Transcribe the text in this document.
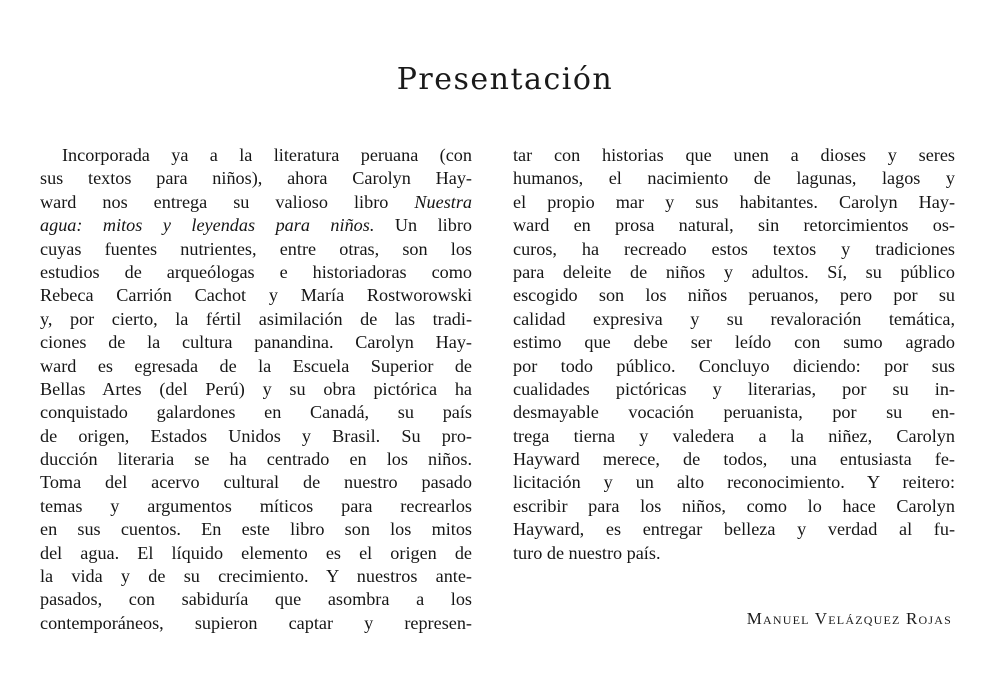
Presentación
Incorporada ya a la literatura peruana (con
sus textos para niños), ahora Carolyn Hay-
ward nos entrega su valioso libro Nuestra
agua: mitos y leyendas para niños. Un libro
cuyas fuentes nutrientes, entre otras, son los
estudios de arqueólogas e historiadoras como
Rebeca Carrión Cachot y María Rostworowski
y, por cierto, la fértil asimilación de las tradi-
ciones de la cultura panandina. Carolyn Hay-
ward es egresada de la Escuela Superior de
Bellas Artes (del Perú) y su obra pictórica ha
conquistado galardones en Canadá, su país
de origen, Estados Unidos y Brasil. Su pro-
ducción literaria se ha centrado en los niños.
Toma del acervo cultural de nuestro pasado
temas y argumentos míticos para recrearlos
en sus cuentos. En este libro son los mitos
del agua. El líquido elemento es el origen de
la vida y de su crecimiento. Y nuestros ante-
pasados, con sabiduría que asombra a los
contemporáneos, supieron captar y represen-
tar con historias que unen a dioses y seres
humanos, el nacimiento de lagunas, lagos y
el propio mar y sus habitantes. Carolyn Hay-
ward en prosa natural, sin retorcimientos os-
curos, ha recreado estos textos y tradiciones
para deleite de niños y adultos. Sí, su público
escogido son los niños peruanos, pero por su
calidad expresiva y su revaloración temática,
estimo que debe ser leído con sumo agrado
por todo público. Concluyo diciendo: por sus
cualidades pictóricas y literarias, por su in-
desmayable vocación peruanista, por su en-
trega tierna y valedera a la niñez, Carolyn
Hayward merece, de todos, una entusiasta fe-
licitación y un alto reconocimiento. Y reitero:
escribir para los niños, como lo hace Carolyn
Hayward, es entregar belleza y verdad al fu-
turo de nuestro país.
Manuel Velázquez Rojas
